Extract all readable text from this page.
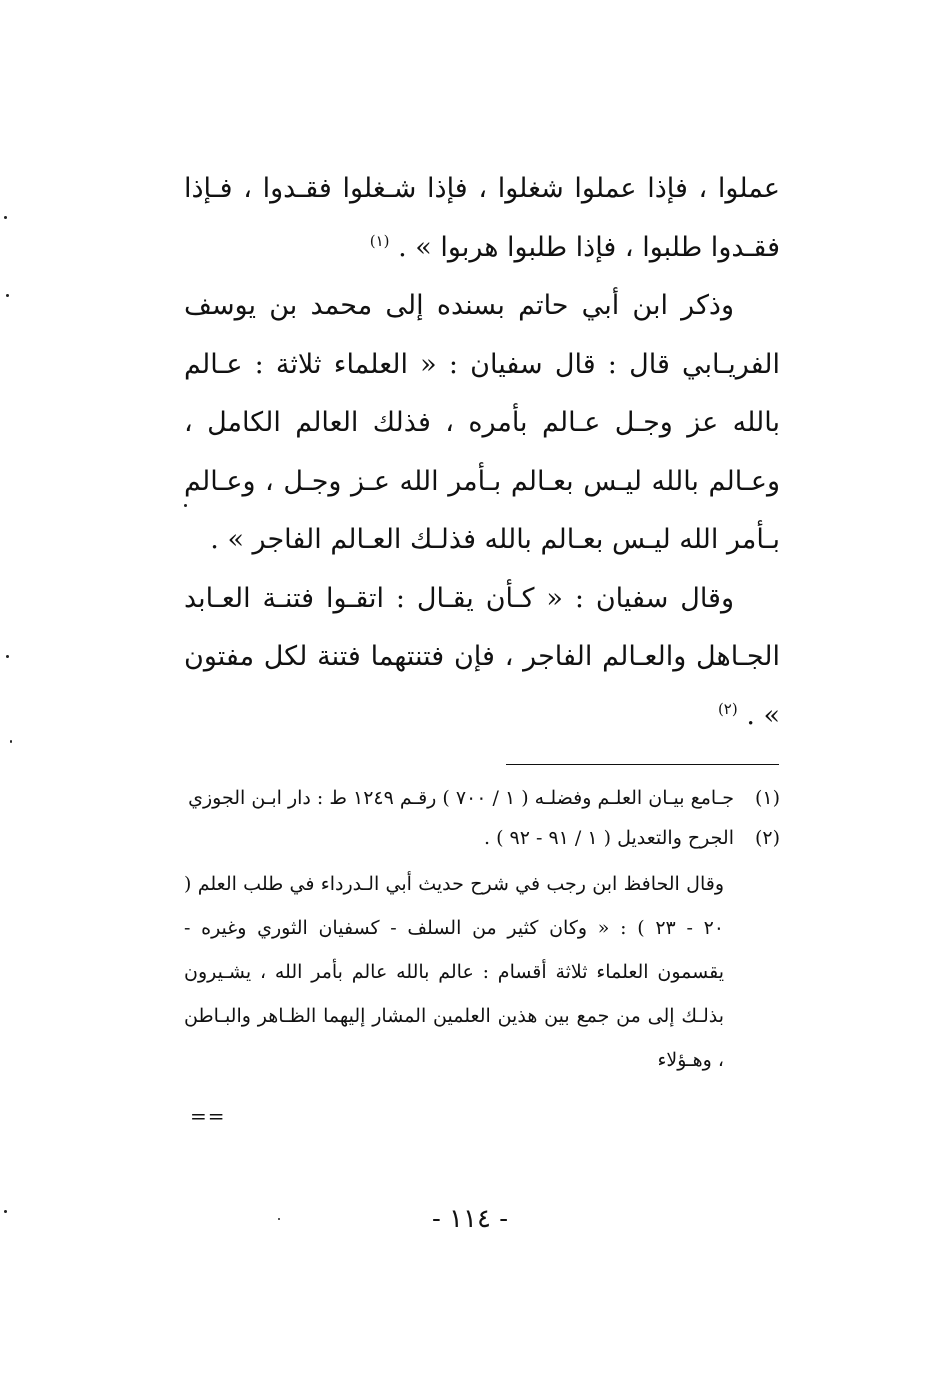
عملوا ، فإذا عملوا شغلوا ، فإذا شـغلوا فقـدوا ، فـإذا فقـدوا طلبوا ، فإذا طلبوا هربوا » . $^{(١)}$

وذكر ابن أبي حاتم بسنده إلى محمد بن يوسف الفريـابي قال : قال سفيان : « العلماء ثلاثة : عـالم بالله عز وجـل عـالم بأمره ، فذلك العالم الكامل ، وعـالم بالله ليـس بعـالم بـأمر الله عـز وجـل ، وعـالم بـأمر الله ليـس بعـالم بالله فذلـك العـالم الفاجر » .

وقال سفيان : « كـأن يقـال : اتقـوا فتنـة العـابد الجـاهل والعـالم الفاجر ، فإن فتنتهما فتنة لكل مفتون » . $^{(٢)}$

(١)
جـامع بيـان العلـم وفضلـه ( ١ / ٧٠٠ ) رقـم ١٢٤٩ ط : دار ابـن الجوزي
(٢)
الجرح والتعديل ( ١ / ٩١ - ٩٢ ) .
وقال الحافظ ابن رجب في شرح حديث أبي الـدرداء في طلب العلم ( ٢٠ - ٢٣ ) : « وكان كثير من السلف - كسفيان الثوري وغيره - يقسمون العلماء ثلاثة أقسام : عالم بالله عالم بأمر الله ، يشـيرون بذلـك إلى من جمع بين هذين العلمين المشار إليهما الظـاهر والبـاطن ، وهـؤلاء
==
- ١١٤ -
